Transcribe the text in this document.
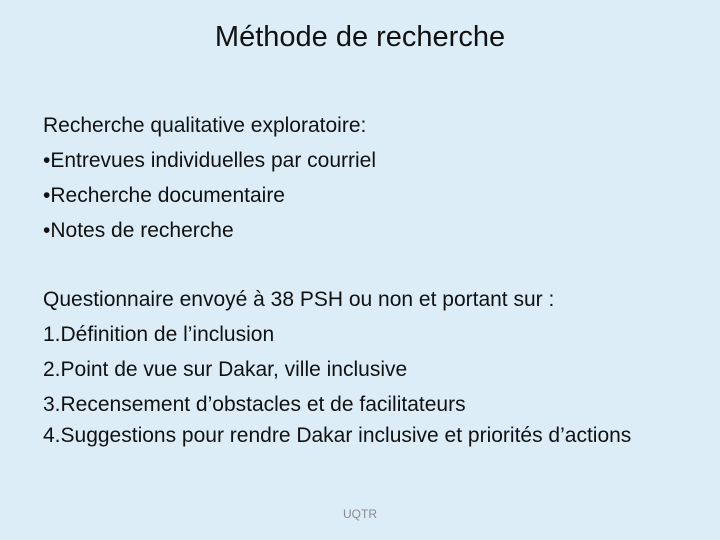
Méthode de recherche
Recherche qualitative exploratoire:
•Entrevues individuelles par courriel
•Recherche documentaire
•Notes de recherche
Questionnaire envoyé à 38 PSH ou non et portant sur :
1.Définition de l’inclusion
2.Point de vue sur Dakar, ville inclusive
3.Recensement d’obstacles et de facilitateurs
4.Suggestions pour rendre Dakar inclusive et priorités d’actions
UQTR
